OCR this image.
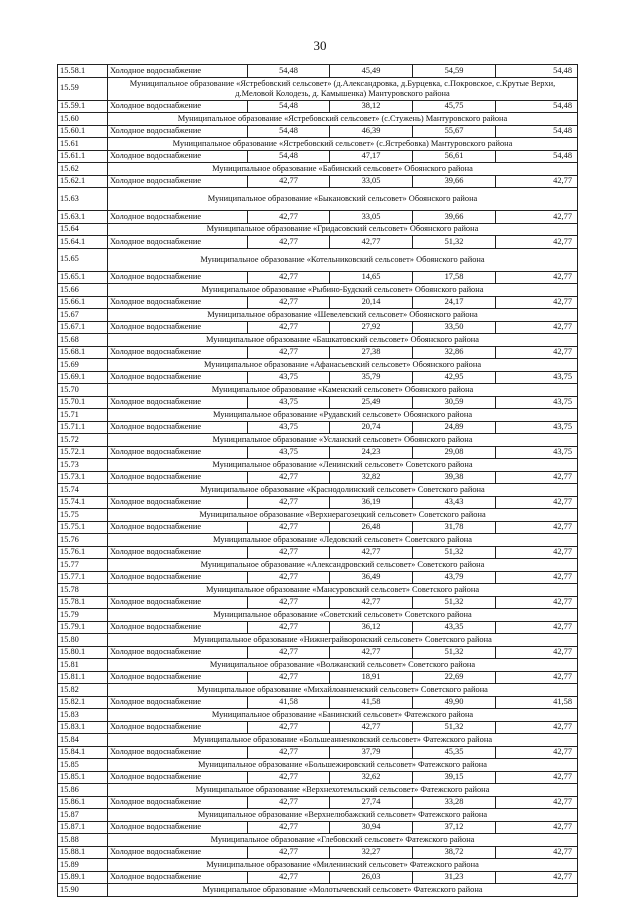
30
15.58.1	Холодное водоснабжение	54,48	45,49	54,59	54,48
15.59	Муниципальное образование «Ястребовский сельсовет» (д.Александровка, д.Бурцевка, с.Покровское, с.Крутые Верхи, д.Меловой Колодезь, д. Камышенка) Мантуровского района				
15.59.1	Холодное водоснабжение	54,48	38,12	45,75	54,48
15.60	Муниципальное образование «Ястребовский сельсовет» (с.Стужень) Мантуровского района				
15.60.1	Холодное водоснабжение	54,48	46,39	55,67	54,48
15.61	Муниципальное образование «Ястребовский сельсовет» (с.Ястребовка) Мантуровского района				
15.61.1	Холодное водоснабжение	54,48	47,17	56,61	54,48
15.62	Муниципальное образование «Бабинский сельсовет» Обоянского района				
15.62.1	Холодное водоснабжение	42,77	33,05	39,66	42,77
15.63	Муниципальное образование «Быкановский сельсовет» Обоянского района				
15.63.1	Холодное водоснабжение	42,77	33,05	39,66	42,77
15.64	Муниципальное образование «Гридасовский сельсовет» Обоянского района				
15.64.1	Холодное водоснабжение	42,77	42,77	51,32	42,77
15.65	Муниципальное образование «Котельниковский сельсовет» Обоянского района				
15.65.1	Холодное водоснабжение	42,77	14,65	17,58	42,77
15.66	Муниципальное образование «Рыбино-Будский сельсовет» Обоянского района				
15.66.1	Холодное водоснабжение	42,77	20,14	24,17	42,77
15.67	Муниципальное образование «Шевелевский сельсовет» Обоянского района				
15.67.1	Холодное водоснабжение	42,77	27,92	33,50	42,77
15.68	Муниципальное образование «Башкатовский сельсовет» Обоянского района				
15.68.1	Холодное водоснабжение	42,77	27,38	32,86	42,77
15.69	Муниципальное образование «Афанасьевский сельсовет» Обоянского района				
15.69.1	Холодное водоснабжение	43,75	35,79	42,95	43,75
15.70	Муниципальное образование «Каменский сельсовет» Обоянского района				
15.70.1	Холодное водоснабжение	43,75	25,49	30,59	43,75
15.71	Муниципальное образование «Рудавский сельсовет» Обоянского района				
15.71.1	Холодное водоснабжение	43,75	20,74	24,89	43,75
15.72	Муниципальное образование «Усланский сельсовет» Обоянского района				
15.72.1	Холодное водоснабжение	43,75	24,23	29,08	43,75
15.73	Муниципальное образование «Ленинский сельсовет» Советского района				
15.73.1	Холодное водоснабжение	42,77	32,82	39,38	42,77
15.74	Муниципальное образование «Краснодолинский сельсовет» Советского района				
15.74.1	Холодное водоснабжение	42,77	36,19	43,43	42,77
15.75	Муниципальное образование «Верхнерагозецкий сельсовет» Советского района				
15.75.1	Холодное водоснабжение	42,77	26,48	31,78	42,77
15.76	Муниципальное образование «Ледовский сельсовет» Советского района				
15.76.1	Холодное водоснабжение	42,77	42,77	51,32	42,77
15.77	Муниципальное образование «Александровский сельсовет» Советского района				
15.77.1	Холодное водоснабжение	42,77	36,49	43,79	42,77
15.78	Муниципальное образование «Мансуровский сельсовет» Советского района				
15.78.1	Холодное водоснабжение	42,77	42,77	51,32	42,77
15.79	Муниципальное образование «Советский сельсовет» Советского района				
15.79.1	Холодное водоснабжение	42,77	36,12	43,35	42,77
15.80	Муниципальное образование «Нижнеграйворонский сельсовет» Советского района				
15.80.1	Холодное водоснабжение	42,77	42,77	51,32	42,77
15.81	Муниципальное образование «Волжанский сельсовет» Советского района				
15.81.1	Холодное водоснабжение	42,77	18,91	22,69	42,77
15.82	Муниципальное образование «Михайлоанненский сельсовет» Советского района				
15.82.1	Холодное водоснабжение	41,58	41,58	49,90	41,58
15.83	Муниципальное образование «Банинский сельсовет» Фатежского района				
15.83.1	Холодное водоснабжение	42,77	42,77	51,32	42,77
15.84	Муниципальное образование «Большеанненковский сельсовет» Фатежского района				
15.84.1	Холодное водоснабжение	42,77	37,79	45,35	42,77
15.85	Муниципальное образование «Большежировский сельсовет» Фатежского района				
15.85.1	Холодное водоснабжение	42,77	32,62	39,15	42,77
15.86	Муниципальное образование «Верхнехотемльский сельсовет» Фатежского района				
15.86.1	Холодное водоснабжение	42,77	27,74	33,28	42,77
15.87	Муниципальное образование «Верхнелюбажский сельсовет» Фатежского района				
15.87.1	Холодное водоснабжение	42,77	30,94	37,12	42,77
15.88	Муниципальное образование «Глебовский сельсовет» Фатежского района				
15.88.1	Холодное водоснабжение	42,77	32,27	38,72	42,77
15.89	Муниципальное образование «Миленинский сельсовет» Фатежского района				
15.89.1	Холодное водоснабжение	42,77	26,03	31,23	42,77
15.90	Муниципальное образование «Молотычевский сельсовет» Фатежского района				
